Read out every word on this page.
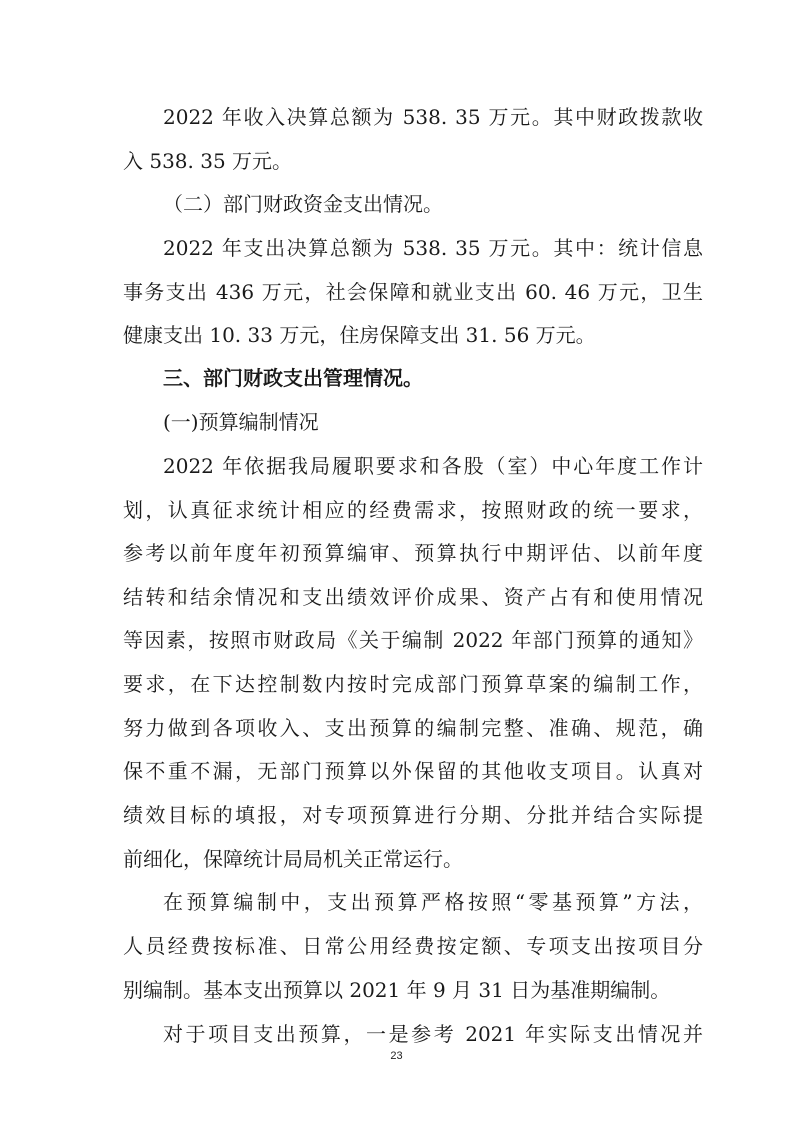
2022 年收入决算总额为 538. 35 万元。其中财政拨款收
入 538. 35 万元。
（二）部门财政资金支出情况。
2022 年支出决算总额为 538. 35 万元。其中：统计信息
事务支出 436 万元，社会保障和就业支出 60. 46 万元，卫生
健康支出 10. 33 万元，住房保障支出 31. 56 万元。
三、部门财政支出管理情况。
(一)预算编制情况
2022 年依据我局履职要求和各股（室）中心年度工作计
划，认真征求统计相应的经费需求，按照财政的统一要求，
参考以前年度年初预算编审、预算执行中期评估、以前年度
结转和结余情况和支出绩效评价成果、资产占有和使用情况
等因素，按照市财政局《关于编制 2022 年部门预算的通知》
要求，在下达控制数内按时完成部门预算草案的编制工作，
努力做到各项收入、支出预算的编制完整、准确、规范，确
保不重不漏，无部门预算以外保留的其他收支项目。认真对
绩效目标的填报，对专项预算进行分期、分批并结合实际提
前细化，保障统计局局机关正常运行。
在预算编制中，支出预算严格按照“零基预算”方法，
人员经费按标准、日常公用经费按定额、专项支出按项目分
别编制。基本支出预算以 2021 年 9 月 31 日为基准期编制。
对于项目支出预算，一是参考 2021 年实际支出情况并
23
